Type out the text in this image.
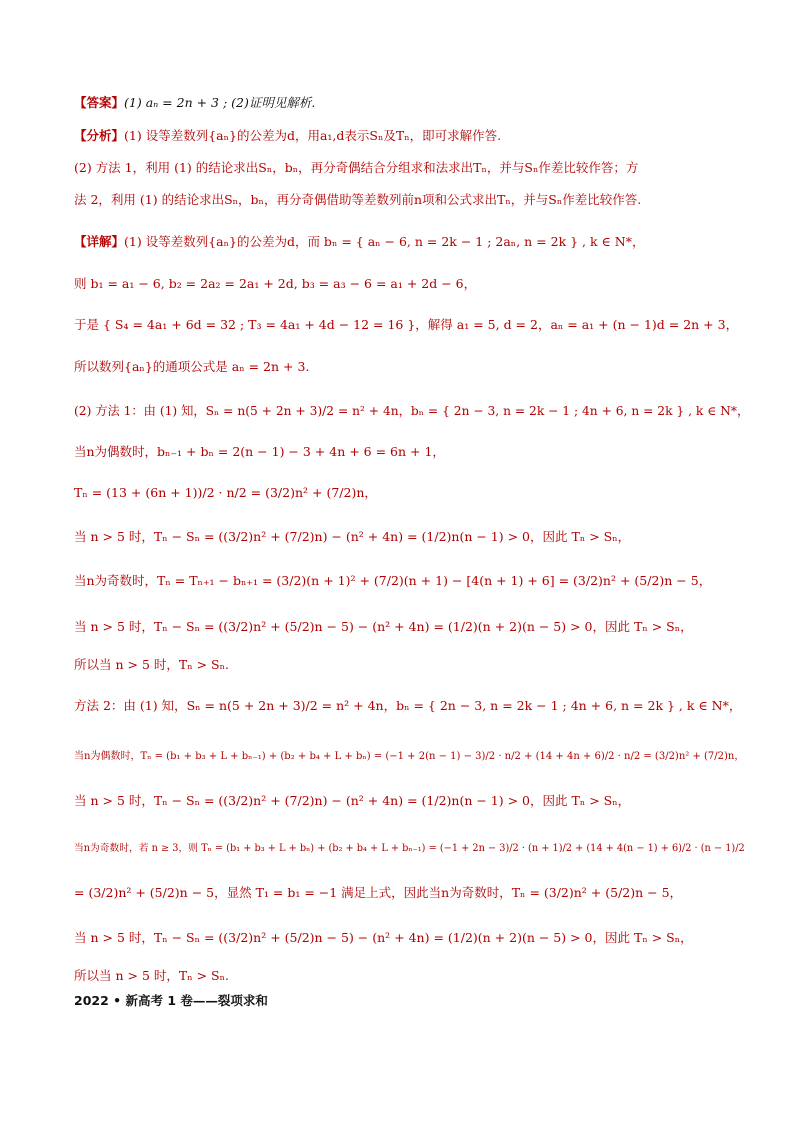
【答案】(1) aₙ = 2n + 3 ; (2)证明见解析.
【分析】(1) 设等差数列{aₙ}的公差为d，用a₁,d表示Sₙ及Tₙ，即可求解作答.
(2) 方法 1，利用 (1) 的结论求出Sₙ，bₙ，再分奇偶结合分组求和法求出Tₙ，并与Sₙ作差比较作答；方
法 2，利用 (1) 的结论求出Sₙ，bₙ，再分奇偶借助等差数列前n项和公式求出Tₙ，并与Sₙ作差比较作答.
【详解】(1) 设等差数列{aₙ}的公差为d，而 bₙ = { aₙ − 6, n = 2k − 1 ; 2aₙ, n = 2k } , k ∈ N*，
则 b₁ = a₁ − 6, b₂ = 2a₂ = 2a₁ + 2d, b₃ = a₃ − 6 = a₁ + 2d − 6，
于是 { S₄ = 4a₁ + 6d = 32 ; T₃ = 4a₁ + 4d − 12 = 16 }，解得 a₁ = 5, d = 2，aₙ = a₁ + (n − 1)d = 2n + 3，
所以数列{aₙ}的通项公式是 aₙ = 2n + 3.
(2) 方法 1：由 (1) 知，Sₙ = n(5 + 2n + 3)/2 = n² + 4n，bₙ = { 2n − 3, n = 2k − 1 ; 4n + 6, n = 2k } , k ∈ N*，
当n为偶数时，bₙ₋₁ + bₙ = 2(n − 1) − 3 + 4n + 6 = 6n + 1，
Tₙ = (13 + (6n + 1))/2 · n/2 = (3/2)n² + (7/2)n，
当 n > 5 时，Tₙ − Sₙ = ((3/2)n² + (7/2)n) − (n² + 4n) = (1/2)n(n − 1) > 0，因此 Tₙ > Sₙ，
当n为奇数时，Tₙ = Tₙ₊₁ − bₙ₊₁ = (3/2)(n + 1)² + (7/2)(n + 1) − [4(n + 1) + 6] = (3/2)n² + (5/2)n − 5，
当 n > 5 时，Tₙ − Sₙ = ((3/2)n² + (5/2)n − 5) − (n² + 4n) = (1/2)(n + 2)(n − 5) > 0，因此 Tₙ > Sₙ，
所以当 n > 5 时，Tₙ > Sₙ.
方法 2：由 (1) 知，Sₙ = n(5 + 2n + 3)/2 = n² + 4n，bₙ = { 2n − 3, n = 2k − 1 ; 4n + 6, n = 2k } , k ∈ N*，
当n为偶数时，Tₙ = (b₁ + b₃ + L + bₙ₋₁) + (b₂ + b₄ + L + bₙ) = (−1 + 2(n − 1) − 3)/2 · n/2 + (14 + 4n + 6)/2 · n/2 = (3/2)n² + (7/2)n，
当 n > 5 时，Tₙ − Sₙ = ((3/2)n² + (7/2)n) − (n² + 4n) = (1/2)n(n − 1) > 0，因此 Tₙ > Sₙ，
当n为奇数时，若 n ≥ 3，则 Tₙ = (b₁ + b₃ + L + bₙ) + (b₂ + b₄ + L + bₙ₋₁) = (−1 + 2n − 3)/2 · (n + 1)/2 + (14 + 4(n − 1) + 6)/2 · (n − 1)/2
= (3/2)n² + (5/2)n − 5，显然 T₁ = b₁ = −1 满足上式，因此当n为奇数时，Tₙ = (3/2)n² + (5/2)n − 5，
当 n > 5 时，Tₙ − Sₙ = ((3/2)n² + (5/2)n − 5) − (n² + 4n) = (1/2)(n + 2)(n − 5) > 0，因此 Tₙ > Sₙ，
所以当 n > 5 时，Tₙ > Sₙ.
2022 • 新高考 1 卷——裂项求和
